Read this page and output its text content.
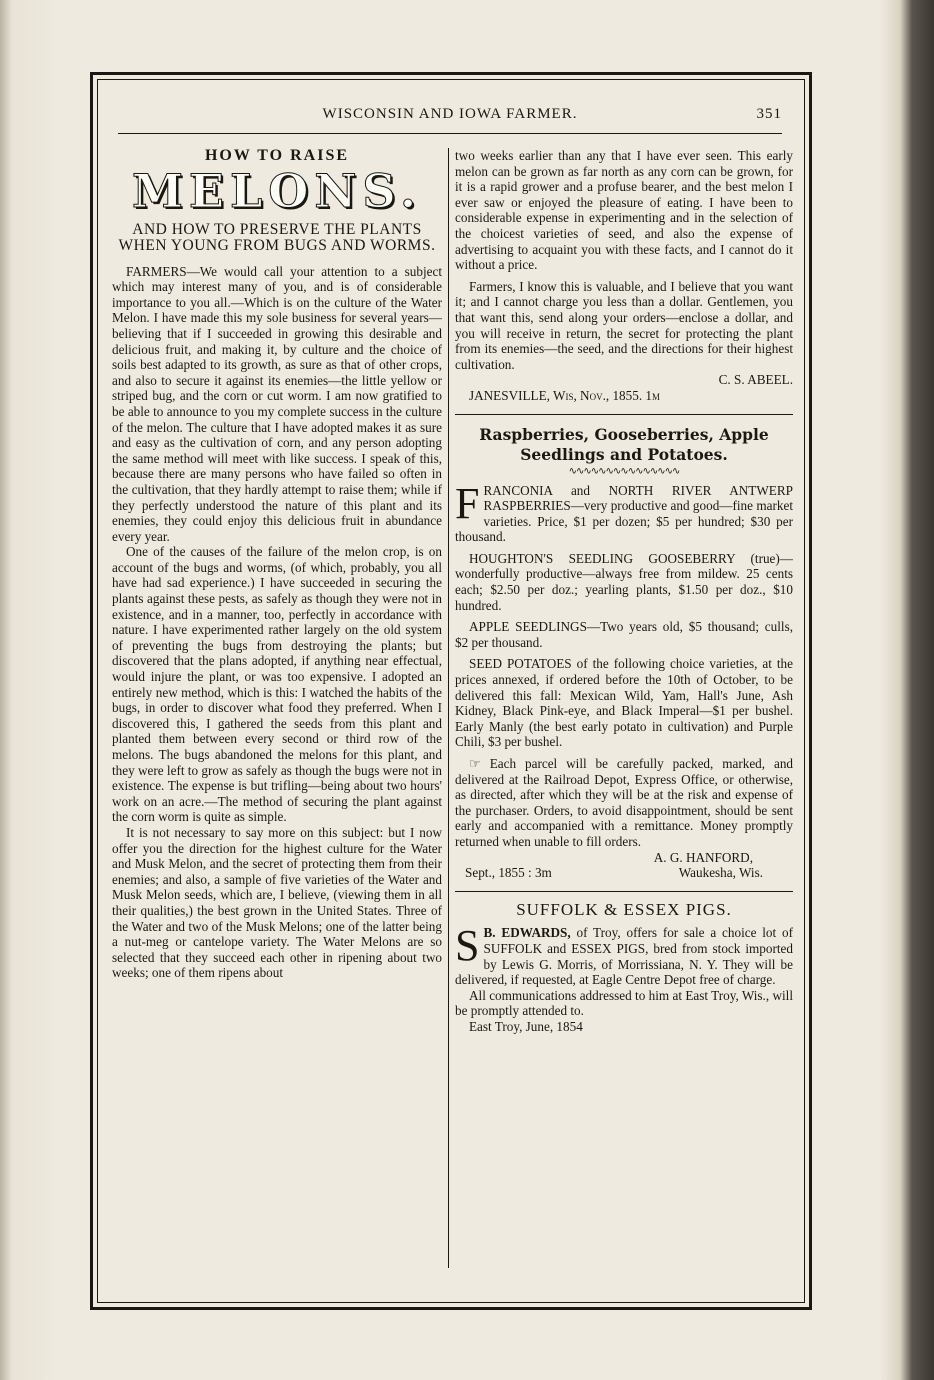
WISCONSIN AND IOWA FARMER.	351
HOW TO RAISE
MELONS.
AND HOW TO PRESERVE THE PLANTS WHEN YOUNG FROM BUGS AND WORMS.

FARMERS—We would call your attention to a subject which may interest many of you, and is of considerable importance to you all.—Which is on the culture of the Water Melon. I have made this my sole business for several years—believing that if I succeeded in growing this desirable and delicious fruit, and making it, by culture and the choice of soils best adapted to its growth, as sure as that of other crops, and also to secure it against its enemies—the little yellow or striped bug, and the corn or cut worm. I am now gratified to be able to announce to you my complete success in the culture of the melon. The culture that I have adopted makes it as sure and easy as the cultivation of corn, and any person adopting the same method will meet with like success. I speak of this, because there are many persons who have failed so often in the cultivation, that they hardly attempt to raise them; while if they perfectly understood the nature of this plant and its enemies, they could enjoy this delicious fruit in abundance every year.

One of the causes of the failure of the melon crop, is on account of the bugs and worms, (of which, probably, you all have had sad experience.) I have succeeded in securing the plants against these pests, as safely as though they were not in existence, and in a manner, too, perfectly in accordance with nature. I have experimented rather largely on the old system of preventing the bugs from destroying the plants; but discovered that the plans adopted, if anything near effectual, would injure the plant, or was too expensive. I adopted an entirely new method, which is this: I watched the habits of the bugs, in order to discover what food they preferred. When I discovered this, I gathered the seeds from this plant and planted them between every second or third row of the melons. The bugs abandoned the melons for this plant, and they were left to grow as safely as though the bugs were not in existence. The expense is but trifling—being about two hours' work on an acre.—The method of securing the plant against the corn worm is quite as simple.

It is not necessary to say more on this subject: but I now offer you the direction for the highest culture for the Water and Musk Melon, and the secret of protecting them from their enemies; and also, a sample of five varieties of the Water and Musk Melon seeds, which are, I believe, (viewing them in all their qualities,) the best grown in the United States. Three of the Water and two of the Musk Melons; one of the latter being a nut-meg or cantelope variety. The Water Melons are so selected that they succeed each other in ripening about two weeks; one of them ripens about

two weeks earlier than any that I have ever seen. This early melon can be grown as far north as any corn can be grown, for it is a rapid grower and a profuse bearer, and the best melon I ever saw or enjoyed the pleasure of eating. I have been to considerable expense in experimenting and in the selection of the choicest varieties of seed, and also the expense of advertising to acquaint you with these facts, and I cannot do it without a price.

Farmers, I know this is valuable, and I believe that you want it; and I cannot charge you less than a dollar. Gentlemen, you that want this, send along your orders—enclose a dollar, and you will receive in return, the secret for protecting the plant from its enemies—the seed, and the directions for their highest cultivation.

C. S. ABEEL.

JANESVILLE, Wis, Nov., 1855. 1m

Raspberries, Gooseberries, Apple Seedlings and Potatoes.
∿∿∿∿∿∿∿∿∿∿∿∿∿∿∿

FRANCONIA and NORTH RIVER ANTWERP RASPBERRIES—very productive and good—fine market varieties. Price, $1 per dozen; $5 per hundred; $30 per thousand.

HOUGHTON'S SEEDLING GOOSEBERRY (true)—wonderfully productive—always free from mildew. 25 cents each; $2.50 per doz.; yearling plants, $1.50 per doz., $10 hundred.

APPLE SEEDLINGS—Two years old, $5 thousand; culls, $2 per thousand.

SEED POTATOES of the following choice varieties, at the prices annexed, if ordered before the 10th of October, to be delivered this fall: Mexican Wild, Yam, Hall's June, Ash Kidney, Black Pink-eye, and Black Imperal—$1 per bushel. Early Manly (the best early potato in cultivation) and Purple Chili, $3 per bushel.

☞ Each parcel will be carefully packed, marked, and delivered at the Railroad Depot, Express Office, or otherwise, as directed, after which they will be at the risk and expense of the purchaser. Orders, to avoid disappointment, should be sent early and accompanied with a remittance. Money promptly returned when unable to fill orders.

A. G. HANFORD,

Sept., 1855 : 3m	Waukesha, Wis.
SUFFOLK & ESSEX PIGS.

S B. EDWARDS, of Troy, offers for sale a choice lot of SUFFOLK and ESSEX PIGS, bred from stock imported by Lewis G. Morris, of Morrissiana, N. Y. They will be delivered, if requested, at Eagle Centre Depot free of charge.

All communications addressed to him at East Troy, Wis., will be promptly attended to.

East Troy, June, 1854
